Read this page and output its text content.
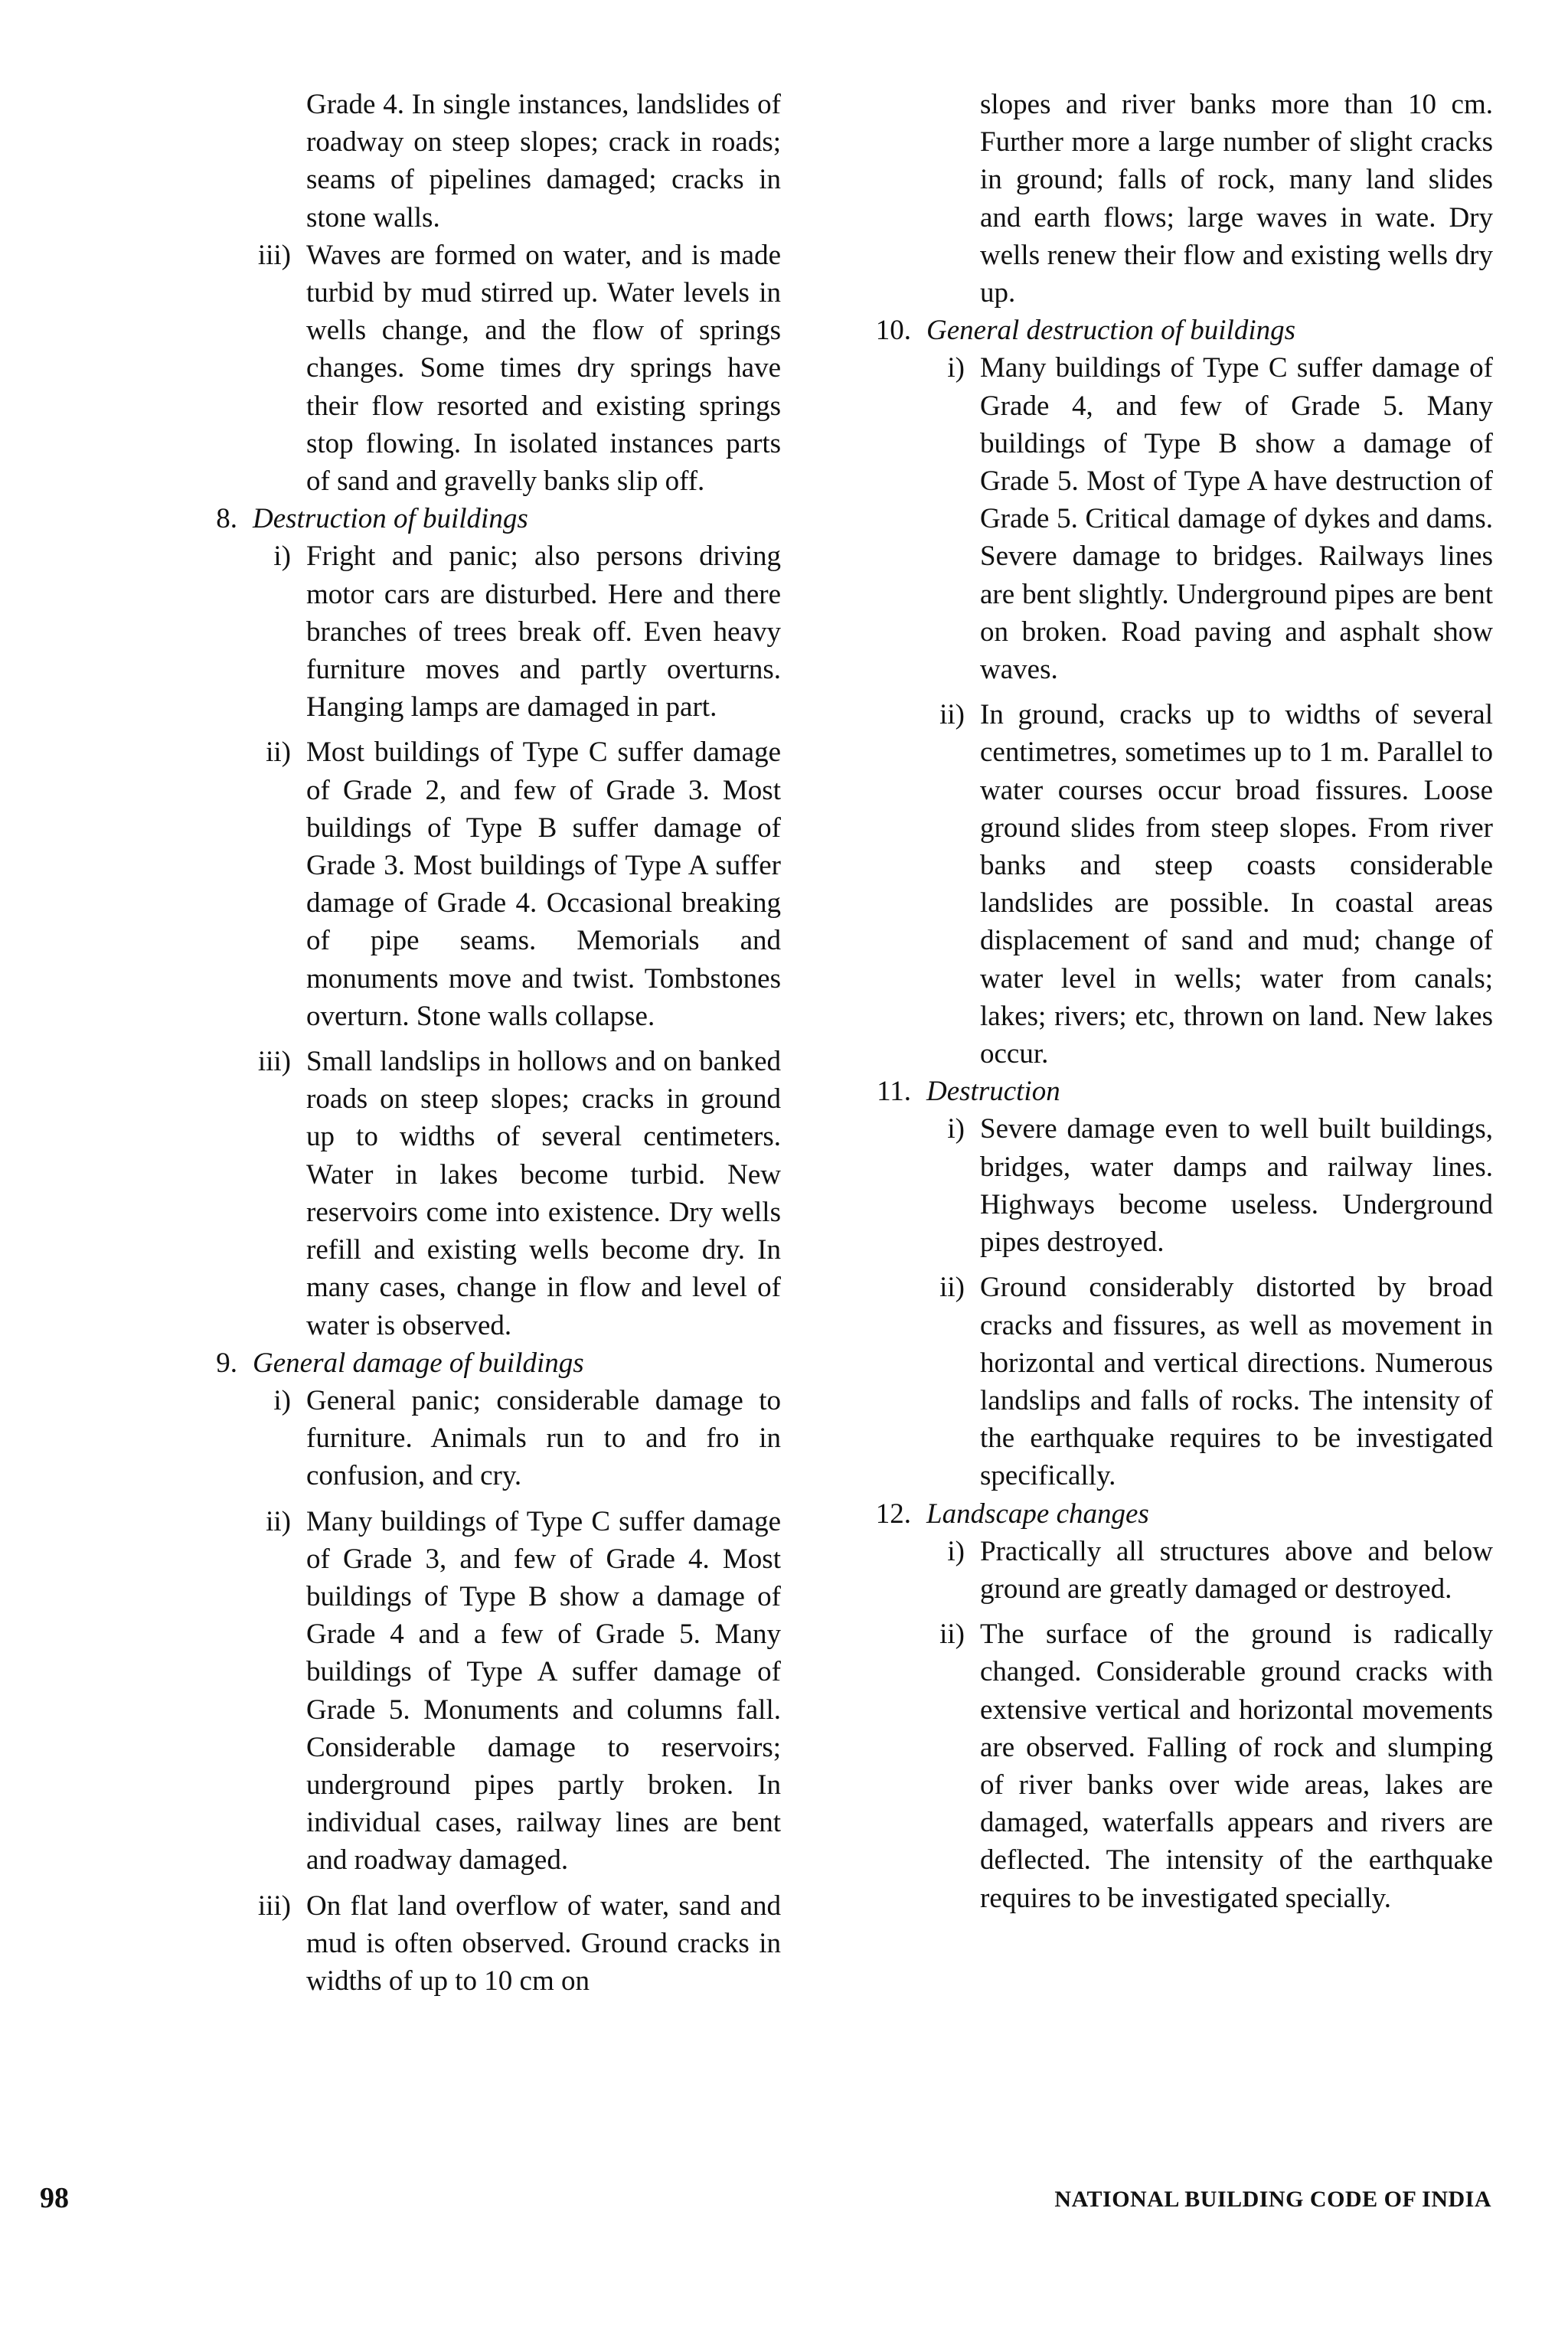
Grade 4. In single instances, landslides of roadway on steep slopes; crack in roads; seams of pipelines damaged; cracks in stone walls.

iii) Waves are formed on water, and is made turbid by mud stirred up. Water levels in wells change, and the flow of springs changes. Some times dry springs have their flow resorted and existing springs stop flowing. In isolated instances parts of sand and gravelly banks slip off.

8. Destruction of buildings

i) Fright and panic; also persons driving motor cars are disturbed. Here and there branches of trees break off. Even heavy furniture moves and partly overturns. Hanging lamps are damaged in part.

ii) Most buildings of Type C suffer damage of Grade 2, and few of Grade 3. Most buildings of Type B suffer damage of Grade 3. Most buildings of Type A suffer damage of Grade 4. Occasional breaking of pipe seams. Memorials and monuments move and twist. Tombstones overturn. Stone walls collapse.

iii) Small landslips in hollows and on banked roads on steep slopes; cracks in ground up to widths of several centimeters. Water in lakes become turbid. New reservoirs come into existence. Dry wells refill and existing wells become dry. In many cases, change in flow and level of water is observed.

9. General damage of buildings

i) General panic; considerable damage to furniture. Animals run to and fro in confusion, and cry.

ii) Many buildings of Type C suffer damage of Grade 3, and few of Grade 4. Most buildings of Type B show a damage of Grade 4 and a few of Grade 5. Many buildings of Type A suffer damage of Grade 5. Monuments and columns fall. Considerable damage to reservoirs; underground pipes partly broken. In individual cases, railway lines are bent and roadway damaged.

iii) On flat land overflow of water, sand and mud is often observed. Ground cracks in widths of up to 10 cm on

slopes and river banks more than 10 cm. Further more a large number of slight cracks in ground; falls of rock, many land slides and earth flows; large waves in wate. Dry wells renew their flow and existing wells dry up.

10. General destruction of buildings

i) Many buildings of Type C suffer damage of Grade 4, and few of Grade 5. Many buildings of Type B show a damage of Grade 5. Most of Type A have destruction of Grade 5. Critical damage of dykes and dams. Severe damage to bridges. Railways lines are bent slightly. Underground pipes are bent on broken. Road paving and asphalt show waves.

ii) In ground, cracks up to widths of several centimetres, sometimes up to 1 m. Parallel to water courses occur broad fissures. Loose ground slides from steep slopes. From river banks and steep coasts considerable landslides are possible. In coastal areas displacement of sand and mud; change of water level in wells; water from canals; lakes; rivers; etc, thrown on land. New lakes occur.

11. Destruction

i) Severe damage even to well built buildings, bridges, water damps and railway lines. Highways become useless. Underground pipes destroyed.

ii) Ground considerably distorted by broad cracks and fissures, as well as movement in horizontal and vertical directions. Numerous landslips and falls of rocks. The intensity of the earthquake requires to be investigated specifically.

12. Landscape changes

i) Practically all structures above and below ground are greatly damaged or destroyed.

ii) The surface of the ground is radically changed. Considerable ground cracks with extensive vertical and horizontal movements are observed. Falling of rock and slumping of river banks over wide areas, lakes are damaged, waterfalls appears and rivers are deflected. The intensity of the earthquake requires to be investigated specially.

98	NATIONAL BUILDING CODE OF INDIA
